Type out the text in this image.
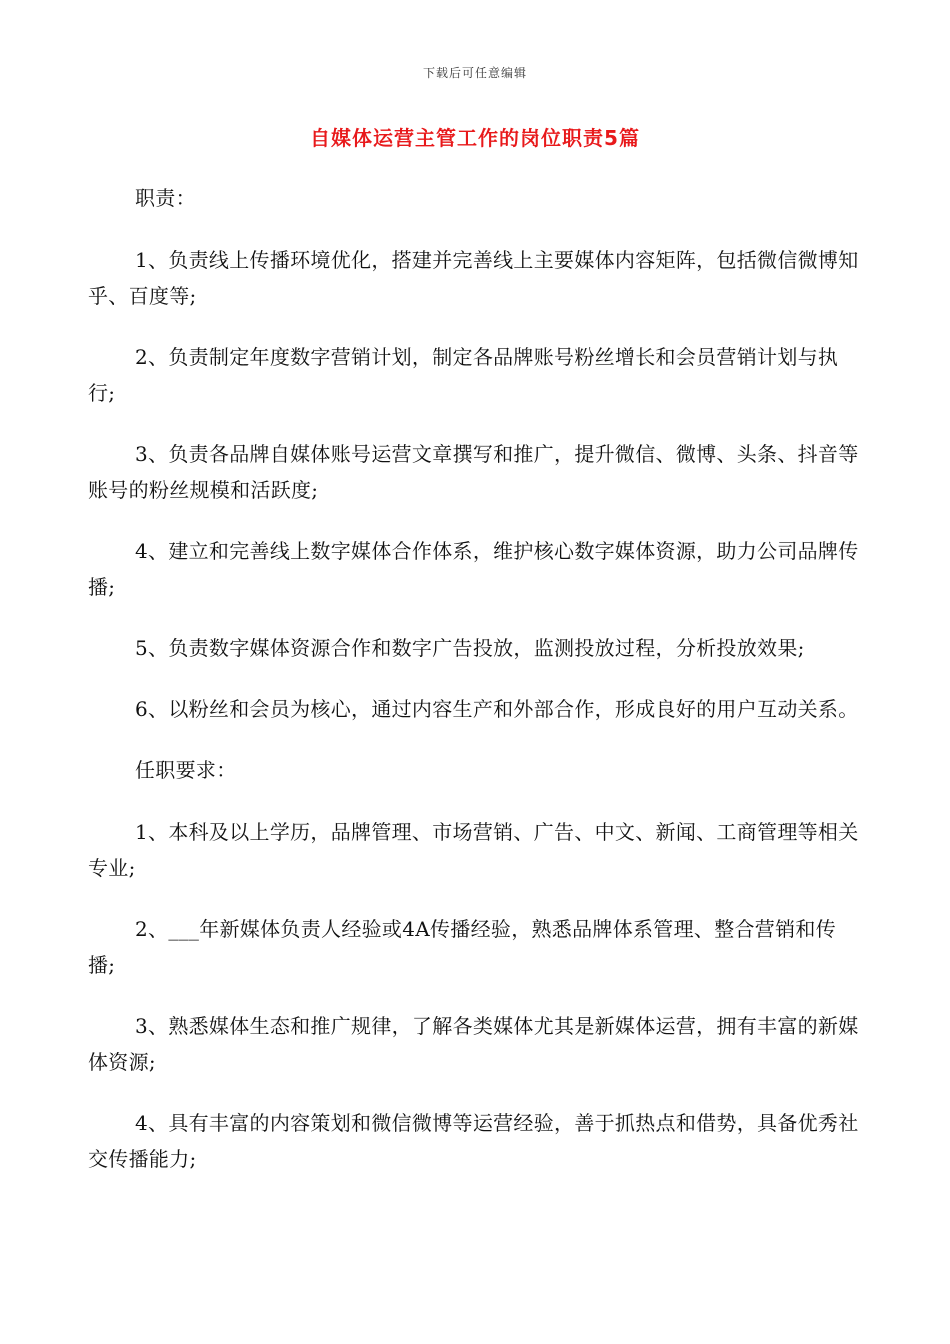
下载后可任意编辑
自媒体运营主管工作的岗位职责5篇

职责：

1、负责线上传播环境优化，搭建并完善线上主要媒体内容矩阵，包括微信微博知乎、百度等;

2、负责制定年度数字营销计划，制定各品牌账号粉丝增长和会员营销计划与执行;

3、负责各品牌自媒体账号运营文章撰写和推广，提升微信、微博、头条、抖音等账号的粉丝规模和活跃度;

4、建立和完善线上数字媒体合作体系，维护核心数字媒体资源，助力公司品牌传播;

5、负责数字媒体资源合作和数字广告投放，监测投放过程，分析投放效果;

6、以粉丝和会员为核心，通过内容生产和外部合作，形成良好的用户互动关系。

任职要求：

1、本科及以上学历，品牌管理、市场营销、广告、中文、新闻、工商管理等相关专业;

2、___年新媒体负责人经验或4A传播经验，熟悉品牌体系管理、整合营销和传播;

3、熟悉媒体生态和推广规律，了解各类媒体尤其是新媒体运营，拥有丰富的新媒体资源;

4、具有丰富的内容策划和微信微博等运营经验，善于抓热点和借势，具备优秀社交传播能力;
